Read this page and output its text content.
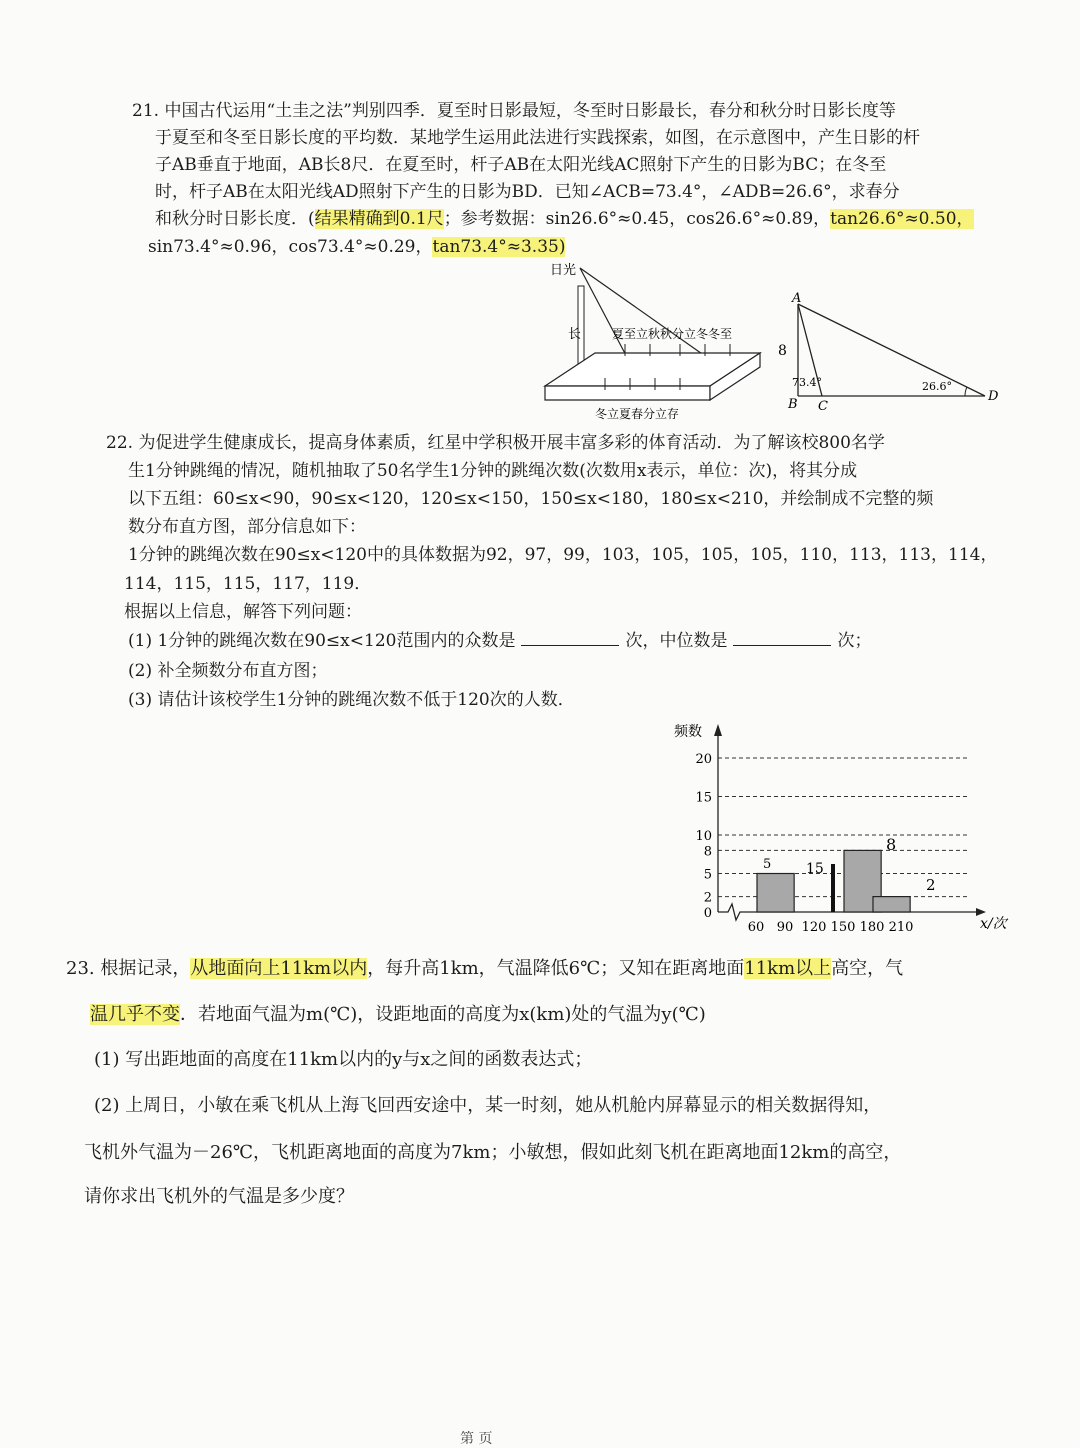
21. 中国古代运用“土圭之法”判别四季．夏至时日影最短，冬至时日影最长，春分和秋分时日影长度等
于夏至和冬至日影长度的平均数．某地学生运用此法进行实践探索，如图，在示意图中，产生日影的杆
子AB垂直于地面，AB长8尺．在夏至时，杆子AB在太阳光线AC照射下产生的日影为BC；在冬至
时，杆子AB在太阳光线AD照射下产生的日影为BD．已知∠ACB=73.4°，∠ADB=26.6°，求春分
和秋分时日影长度．(结果精确到0.1尺；参考数据：sin26.6°≈0.45，cos26.6°≈0.89，tan26.6°≈0.50，
sin73.4°≈0.96，cos73.4°≈0.29，tan73.4°≈3.35)
日光
长	夏至立秋秋分立冬冬至
冬立夏春分立存
A
B C
D
8
73.4°	26.6°
22. 为促进学生健康成长，提高身体素质，红星中学积极开展丰富多彩的体育活动．为了解该校800名学
生1分钟跳绳的情况，随机抽取了50名学生1分钟的跳绳次数(次数用x表示，单位：次)，将其分成
以下五组：60≤x<90，90≤x<120，120≤x<150，150≤x<180，180≤x<210，并绘制成不完整的频
数分布直方图，部分信息如下：
1分钟的跳绳次数在90≤x<120中的具体数据为92，97，99，103，105，105，105，110，113，113，114，
114，115，115，117，119．
根据以上信息，解答下列问题：
(1) 1分钟的跳绳次数在90≤x<120范围内的众数是	次，中位数是	次；
(2) 补全频数分布直方图；
(3) 请估计该校学生1分钟的跳绳次数不低于120次的人数．
频数
x/次
0
2
5
8
10
15
20
60 90 120 150 180 210
5 15
8
2
23. 根据记录，从地面向上11km以内，每升高1km，气温降低6℃；又知在距离地面11km以上高空，气
温几乎不变．若地面气温为m(℃)，设距地面的高度为x(km)处的气温为y(℃)
(1) 写出距地面的高度在11km以内的y与x之间的函数表达式；
(2) 上周日，小敏在乘飞机从上海飞回西安途中，某一时刻，她从机舱内屏幕显示的相关数据得知，
飞机外气温为－26℃，飞机距离地面的高度为7km；小敏想，假如此刻飞机在距离地面12km的高空，
请你求出飞机外的气温是多少度？
第 页
